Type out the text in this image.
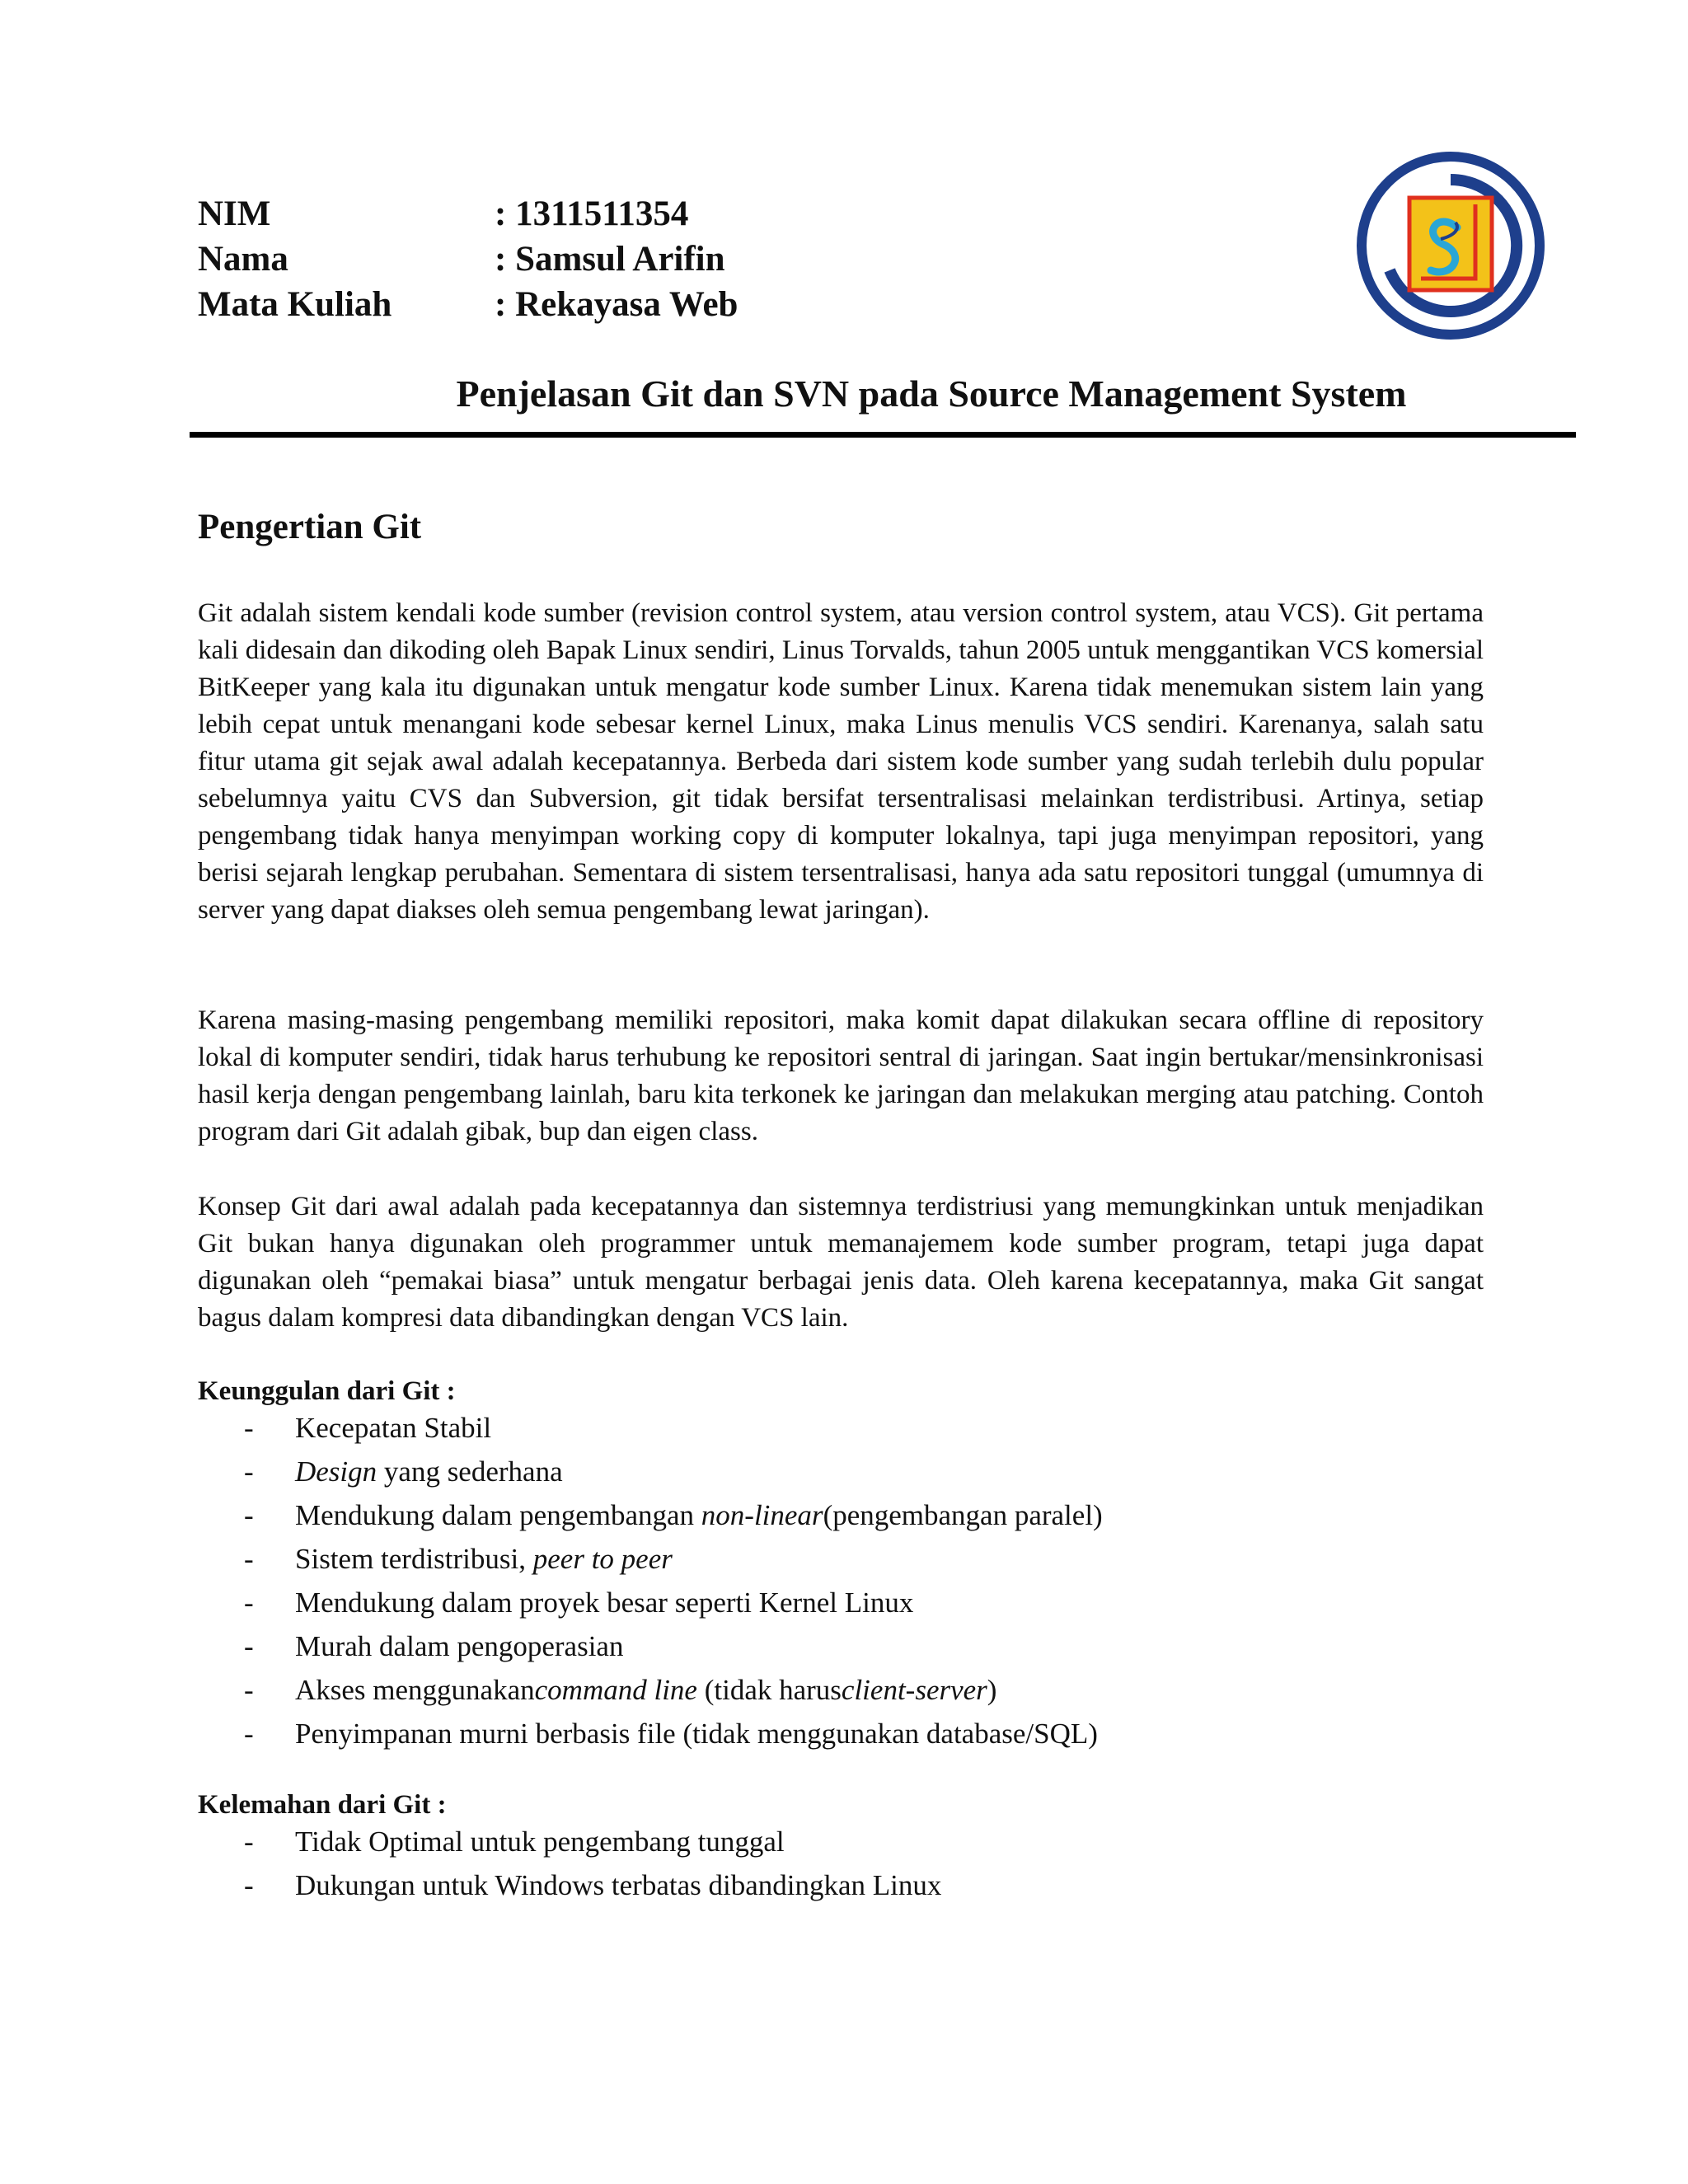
NIM	: 1311511354
Nama	: Samsul Arifin
Mata Kuliah	: Rekayasa Web
Penjelasan Git dan SVN pada Source Management System
Pengertian Git

Git adalah sistem kendali kode sumber (revision control system, atau version control system, atau VCS). Git pertama kali didesain dan dikoding oleh Bapak Linux sendiri, Linus Torvalds, tahun 2005 untuk menggantikan VCS komersial BitKeeper yang kala itu digunakan untuk mengatur kode sumber Linux. Karena tidak menemukan sistem lain yang lebih cepat untuk menangani kode sebesar kernel Linux, maka Linus menulis VCS sendiri. Karenanya, salah satu fitur utama git sejak awal adalah kecepatannya. Berbeda dari sistem kode sumber yang sudah terlebih dulu popular sebelumnya yaitu CVS dan Subversion, git tidak bersifat tersentralisasi melainkan terdistribusi. Artinya, setiap pengembang tidak hanya menyimpan working copy di komputer lokalnya, tapi juga menyimpan repositori, yang berisi sejarah lengkap perubahan. Sementara di sistem tersentralisasi, hanya ada satu repositori tunggal (umumnya di server yang dapat diakses oleh semua pengembang lewat jaringan).

Karena masing-masing pengembang memiliki repositori, maka komit dapat dilakukan secara offline di repository lokal di komputer sendiri, tidak harus terhubung ke repositori sentral di jaringan. Saat ingin bertukar/mensinkronisasi hasil kerja dengan pengembang lainlah, baru kita terkonek ke jaringan dan melakukan merging atau patching. Contoh program dari Git adalah gibak, bup dan eigen class.

Konsep Git dari awal adalah pada kecepatannya dan sistemnya terdistriusi yang memungkinkan untuk menjadikan Git bukan hanya digunakan oleh programmer untuk memanajemem kode sumber program, tetapi juga dapat digunakan oleh “pemakai biasa” untuk mengatur berbagai jenis data. Oleh karena kecepatannya, maka Git sangat bagus dalam kompresi data dibandingkan dengan VCS lain.

Keunggulan dari Git :
-	Kecepatan Stabil
-	Design yang sederhana
-	Mendukung dalam pengembangan non-linear(pengembangan paralel)
-	Sistem terdistribusi, peer to peer
-	Mendukung dalam proyek besar seperti Kernel Linux
-	Murah dalam pengoperasian
-	Akses menggunakancommand line (tidak harusclient-server)
-	Penyimpanan murni berbasis file (tidak menggunakan database/SQL)
Kelemahan dari Git :
-	Tidak Optimal untuk pengembang tunggal
-	Dukungan untuk Windows terbatas dibandingkan Linux
